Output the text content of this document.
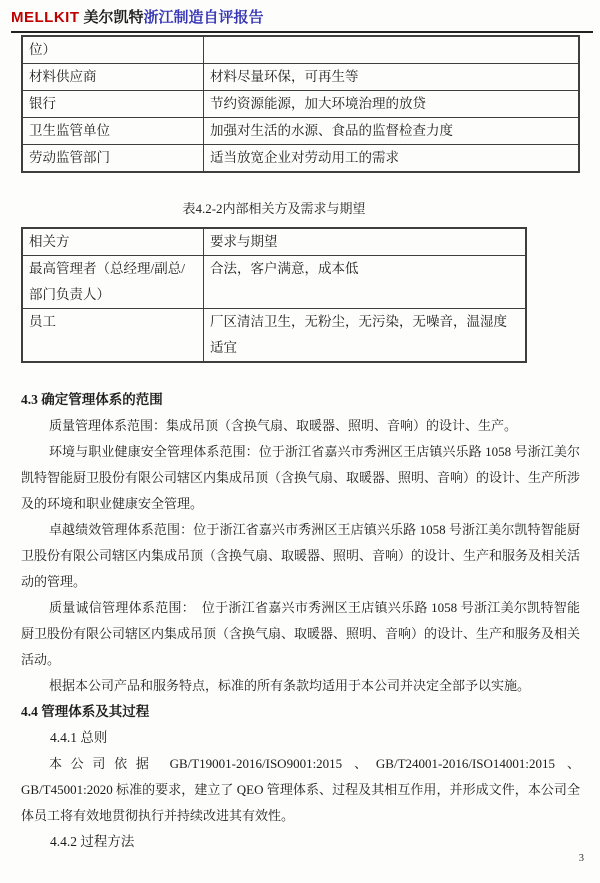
MELLKIT 美尔凯特浙江制造自评报告
位）	
材料供应商	材料尽量环保，可再生等
银行	节约资源能源，加大环境治理的放贷
卫生监管单位	加强对生活的水源、食品的监督检查力度
劳动监管部门	适当放宽企业对劳动用工的需求
表4.2-2内部相关方及需求与期望
相关方	要求与期望
最高管理者（总经理/副总/部门负责人）	合法，客户满意，成本低
员工	厂区清洁卫生，无粉尘，无污染，无噪音，温湿度适宜
4.3 确定管理体系的范围

质量管理体系范围：集成吊顶（含换气扇、取暖器、照明、音响）的设计、生产。

环境与职业健康安全管理体系范围：位于浙江省嘉兴市秀洲区王店镇兴乐路 1058 号浙江美尔凯特智能厨卫股份有限公司辖区内集成吊顶（含换气扇、取暖器、照明、音响）的设计、生产所涉及的环境和职业健康安全管理。

卓越绩效管理体系范围：位于浙江省嘉兴市秀洲区王店镇兴乐路 1058 号浙江美尔凯特智能厨卫股份有限公司辖区内集成吊顶（含换气扇、取暖器、照明、音响）的设计、生产和服务及相关活动的管理。

质量诚信管理体系范围：　位于浙江省嘉兴市秀洲区王店镇兴乐路 1058 号浙江美尔凯特智能厨卫股份有限公司辖区内集成吊顶（含换气扇、取暖器、照明、音响）的设计、生产和服务及相关活动。

根据本公司产品和服务特点，标准的所有条款均适用于本公司并决定全部予以实施。

4.4 管理体系及其过程
4.4.1 总则

本公司依据 GB/T19001-2016/ISO9001:2015 、GB/T24001-2016/ISO14001:2015 、GB/T45001:2020 标准的要求，建立了 QEO 管理体系、过程及其相互作用，并形成文件，本公司全体员工将有效地贯彻执行并持续改进其有效性。

4.4.2 过程方法
3
